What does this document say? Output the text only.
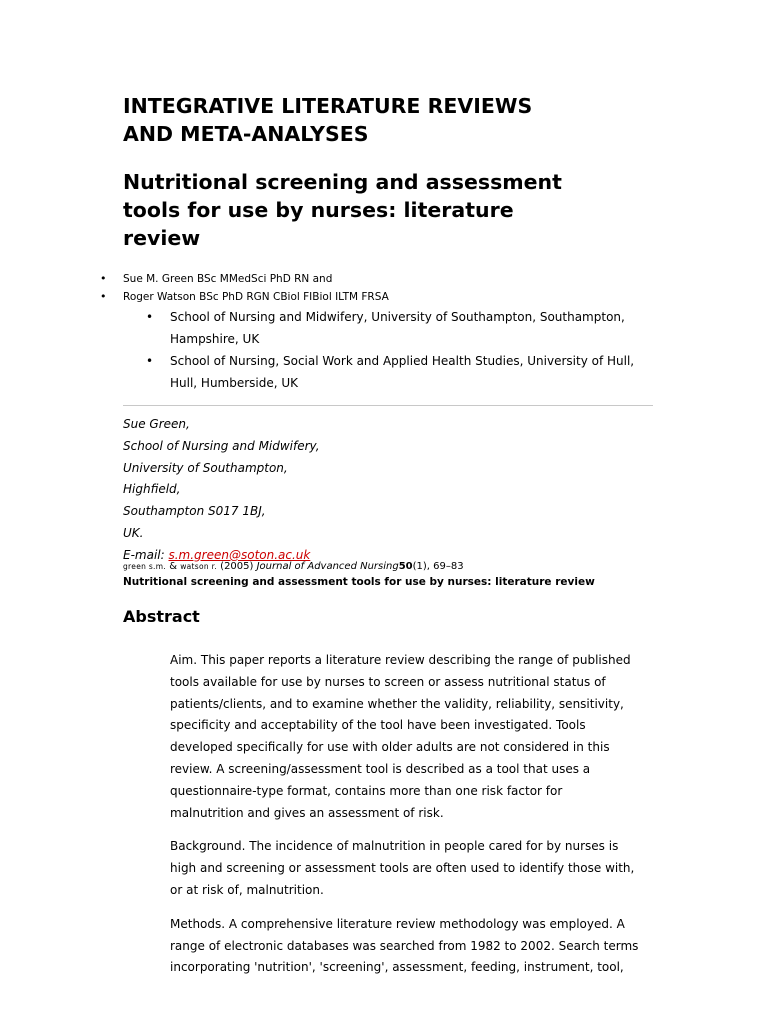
INTEGRATIVE LITERATURE REVIEWS
AND META-ANALYSES
Nutritional screening and assessment
tools for use by nurses: literature
review
• Sue M. Green BSc MMedSci PhD RN and
• Roger Watson BSc PhD RGN CBiol FIBiol ILTM FRSA
• School of Nursing and Midwifery, University of Southampton, Southampton,
Hampshire, UK
• School of Nursing, Social Work and Applied Health Studies, University of Hull,
Hull, Humberside, UK
Sue Green,
School of Nursing and Midwifery,
University of Southampton,
Highfield,
Southampton S017 1BJ,
UK.
E-mail: s.m.green@soton.ac.uk
green s.m. & watson r. (2005) Journal of Advanced Nursing50(1), 69–83
Nutritional screening and assessment tools for use by nurses: literature review
Abstract

Aim. This paper reports a literature review describing the range of published
tools available for use by nurses to screen or assess nutritional status of
patients/clients, and to examine whether the validity, reliability, sensitivity,
specificity and acceptability of the tool have been investigated. Tools
developed specifically for use with older adults are not considered in this
review. A screening/assessment tool is described as a tool that uses a
questionnaire-type format, contains more than one risk factor for
malnutrition and gives an assessment of risk.

Background. The incidence of malnutrition in people cared for by nurses is
high and screening or assessment tools are often used to identify those with,
or at risk of, malnutrition.

Methods. A comprehensive literature review methodology was employed. A
range of electronic databases was searched from 1982 to 2002. Search terms
incorporating 'nutrition', 'screening', assessment, feeding, instrument, tool,
